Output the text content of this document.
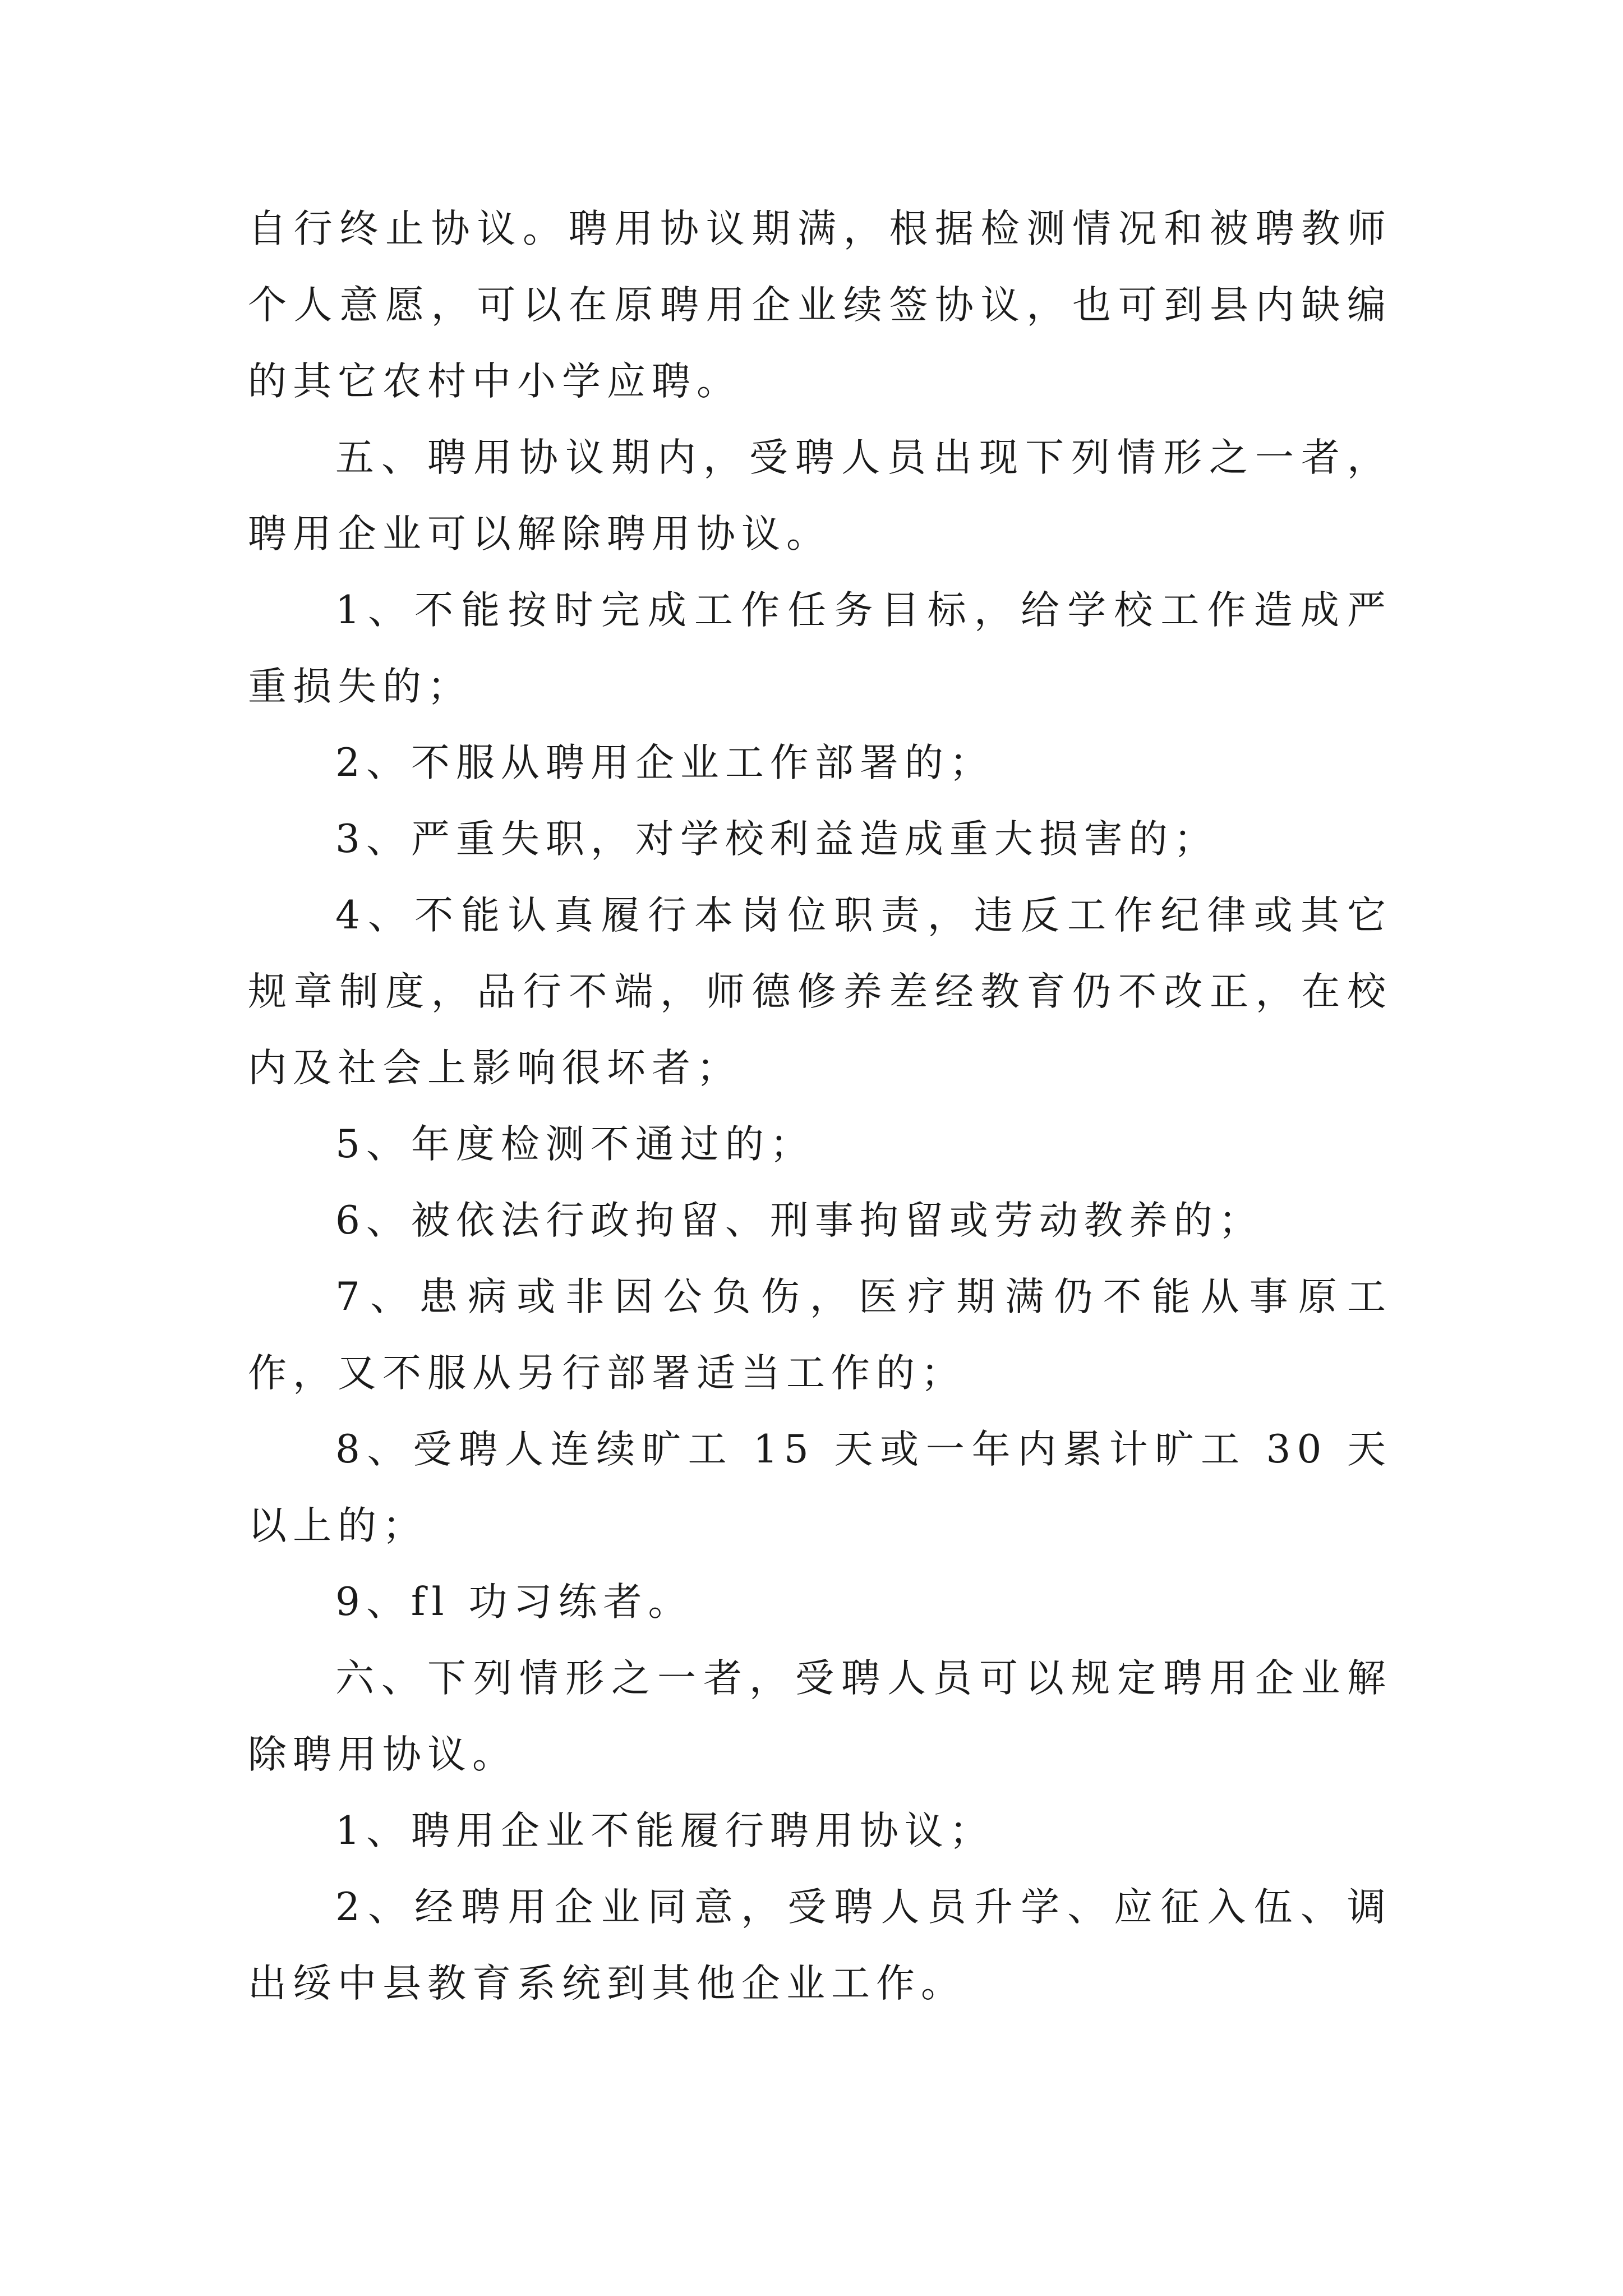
自行终止协议。聘用协议期满，根据检测情况和被聘教师个人意愿，可以在原聘用企业续签协议，也可到县内缺编的其它农村中小学应聘。

五、聘用协议期内，受聘人员出现下列情形之一者，聘用企业可以解除聘用协议。

1、不能按时完成工作任务目标，给学校工作造成严重损失的；

2、不服从聘用企业工作部署的；

3、严重失职，对学校利益造成重大损害的；

4、不能认真履行本岗位职责，违反工作纪律或其它规章制度，品行不端，师德修养差经教育仍不改正，在校内及社会上影响很坏者；

5、年度检测不通过的；

6、被依法行政拘留、刑事拘留或劳动教养的；

7、患病或非因公负伤，医疗期满仍不能从事原工作，又不服从另行部署适当工作的；

8、受聘人连续旷工 15 天或一年内累计旷工 30 天以上的；

9、fl 功习练者。

六、下列情形之一者，受聘人员可以规定聘用企业解除聘用协议。

1、聘用企业不能履行聘用协议；

2、经聘用企业同意，受聘人员升学、应征入伍、调出绥中县教育系统到其他企业工作。
